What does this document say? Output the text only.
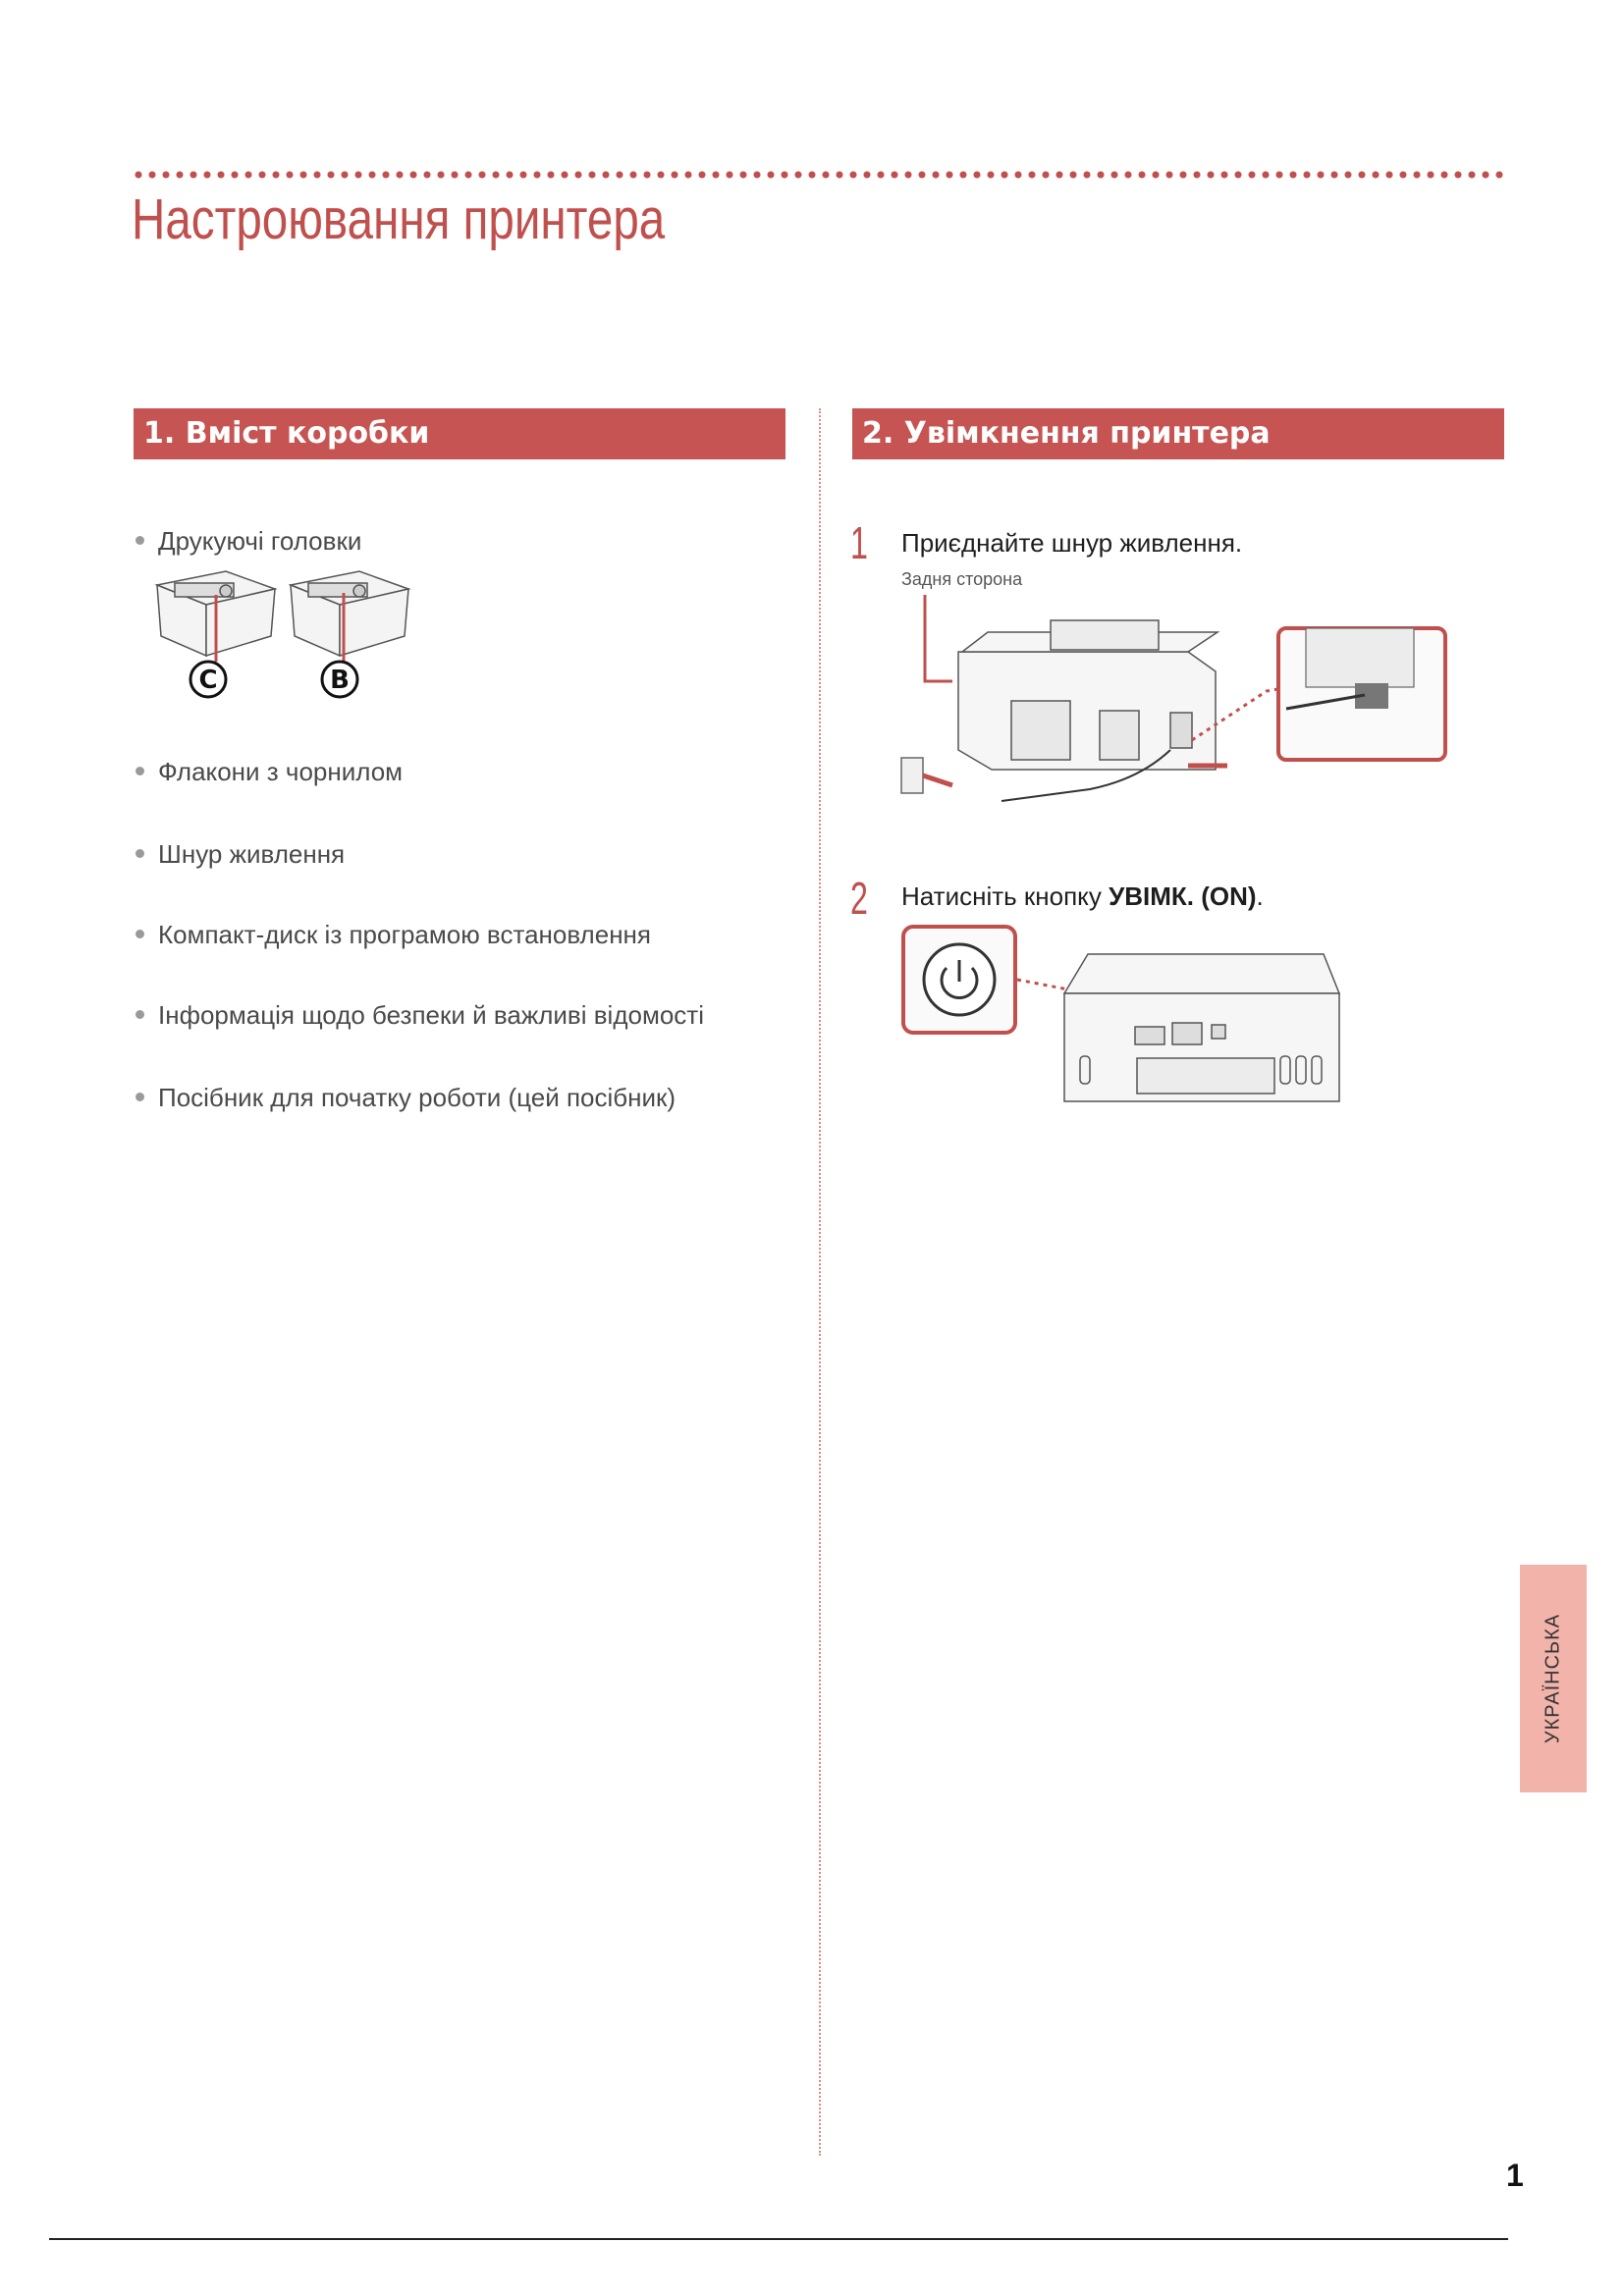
Настроювання принтера
1. Вміст коробки	2. Увімкнення принтера
Друкуючі головки
C	B
Флакони з чорнилом
Шнур живлення
Компакт-диск із програмою встановлення
Інформація щодо безпеки й важливі відомості
Посібник для початку роботи (цей посібник)
1 Приєднайте шнур живлення.
Задня сторона
2 Натисніть кнопку УВІМК. (ON).
УКРАЇНСЬКА
1
